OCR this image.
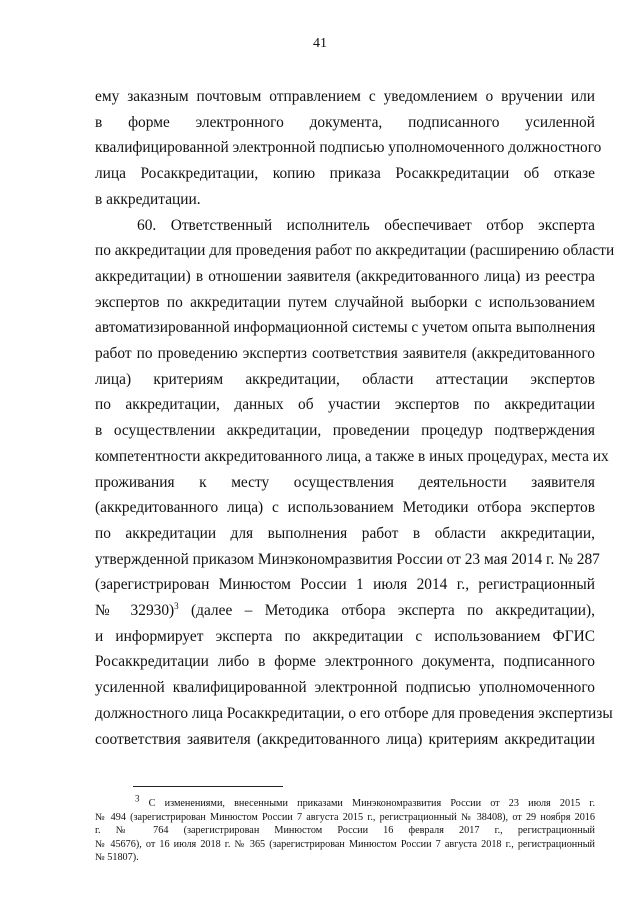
41
ему заказным почтовым отправлением с уведомлением о вручении или
в форме электронного документа, подписанного усиленной
квалифицированной электронной подписью уполномоченного должностного
лица Росаккредитации, копию приказа Росаккредитации об отказе
в аккредитации.
60. Ответственный исполнитель обеспечивает отбор эксперта
по аккредитации для проведения работ по аккредитации (расширению области
аккредитации) в отношении заявителя (аккредитованного лица) из реестра
экспертов по аккредитации путем случайной выборки с использованием
автоматизированной информационной системы с учетом опыта выполнения
работ по проведению экспертиз соответствия заявителя (аккредитованного
лица) критериям аккредитации, области аттестации экспертов
по аккредитации, данных об участии экспертов по аккредитации
в осуществлении аккредитации, проведении процедур подтверждения
компетентности аккредитованного лица, а также в иных процедурах, места их
проживания к месту осуществления деятельности заявителя
(аккредитованного лица) с использованием Методики отбора экспертов
по аккредитации для выполнения работ в области аккредитации,
утвержденной приказом Минэкономразвития России от 23 мая 2014 г. № 287
(зарегистрирован Минюстом России 1 июля 2014 г., регистрационный
№ 32930)$^3$ (далее – Методика отбора эксперта по аккредитации),
и информирует эксперта по аккредитации с использованием ФГИС
Росаккредитации либо в форме электронного документа, подписанного
усиленной квалифицированной электронной подписью уполномоченного
должностного лица Росаккредитации, о его отборе для проведения экспертизы
соответствия заявителя (аккредитованного лица) критериям аккредитации
$^3$ С изменениями, внесенными приказами Минэкономразвития России от 23 июля 2015 г.
№ 494 (зарегистрирован Минюстом России 7 августа 2015 г., регистрационный № 38408), от 29 ноября 2016
г. № 764 (зарегистрирован Минюстом России 16 февраля 2017 г., регистрационный
№ 45676), от 16 июля 2018 г. № 365 (зарегистрирован Минюстом России 7 августа 2018 г., регистрационный
№ 51807).
